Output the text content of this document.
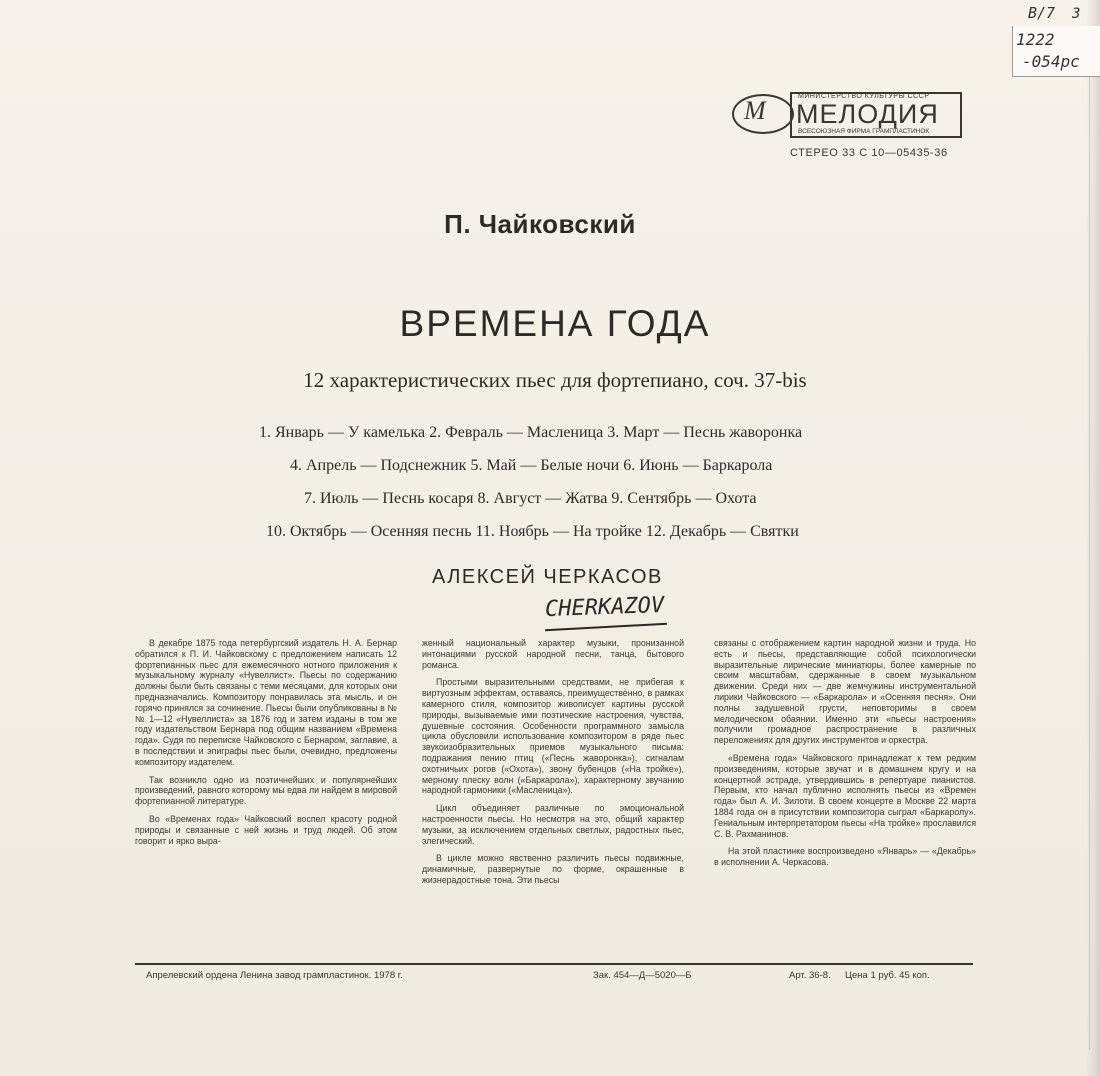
В/7 3
1222
-054рс
М	МИНИСТЕРСТВО КУЛЬТУРЫ СССР
МЕЛОДИЯ
ВСЕСОЮЗНАЯ ФИРМА ГРАМПЛАСТИНОК
СТЕРЕО 33 С 10—05435-36
П. Чайковский
ВРЕМЕНА ГОДА
12 характеристических пьес для фортепиано, соч. 37-bis
1. Январь — У камелька 2. Февраль — Масленица 3. Март — Песнь жаворонка
4. Апрель — Подснежник 5. Май — Белые ночи 6. Июнь — Баркарола
7. Июль — Песнь косаря 8. Август — Жатва 9. Сентябрь — Охота
10. Октябрь — Осенняя песнь 11. Ноябрь — На тройке 12. Декабрь — Святки
АЛЕКСЕЙ ЧЕРКАСОВ
CHERKAZOV

В декабре 1875 года петербургский издатель Н. А. Бернар обратился к П. И. Чайковскому с предложением написать 12 фортепианных пьес для ежемесячного нотного приложения к музыкальному журналу «Нувеллист». Пьесы по содержанию должны были быть связаны с теми месяцами, для которых они предназначались. Композитору понравилась эта мысль, и он горячо принялся за сочинение. Пьесы были опубликованы в №№ 1—12 «Нувеллиста» за 1876 год и затем изданы в том же году издательством Бернара под общим названием «Времена года». Судя по переписке Чайковского с Бернаром, заглавие, а в последствии и эпиграфы пьес были, очевидно, предложены композитору издателем.

Так возникло одно из поэтичнейших и популярнейших произведений, равного которому мы едва ли найдем в мировой фортепианной литературе.

Во «Временах года» Чайковский воспел красоту родной природы и связанные с ней жизнь и труд людей. Об этом говорит и ярко выра-

женный национальный характер музыки, пронизанной интонациями русской народной песни, танца, бытового романса.

Простыми выразительными средствами, не прибегая к виртуозным эффектам, оставаясь, преимущественно, в рамках камерного стиля, композитор живописует картины русской природы, вызываемые ими поэтические настроения, чувства, душевные состояния. Особенности программного замысла цикла обусловили использование композитором в ряде пьес звукоизобразительных приемов музыкального письма: подражания пению птиц («Песнь жаворонка»), сигналам охотничьих рогов («Охота»), звону бубенцов («На тройке»), мерному плеску волн («Баркарола»), характерному звучанию народной гармоники («Масленица»).

Цикл объединяет различные по эмоциональной настроенности пьесы. Но несмотря на это, общий характер музыки, за исключением отдельных светлых, радостных пьес, элегический.

В цикле можно явственно различить пьесы подвижные, динамичные, развернутые по форме, окрашенные в жизнерадостные тона. Эти пьесы

связаны с отображением картин народной жизни и труда. Но есть и пьесы, представляющие собой психологически выразительные лирические миниатюры, более камерные по своим масштабам, сдержанные в своем музыкальном движении. Среди них — две жемчужины инструментальной лирики Чайковского — «Баркарола» и «Осенняя песня». Они полны задушевной грусти, неповторимы в своем мелодическом обаянии. Именно эти «пьесы настроения» получили громадное распространение в различных переложениях для других инструментов и оркестра.

«Времена года» Чайковского принадлежат к тем редким произведениям, которые звучат и в домашнем кругу и на концертной эстраде, утвердившись в репертуаре пианистов. Первым, кто начал публично исполнять пьесы из «Времен года» был А. И. Зилоти. В своем концерте в Москве 22 марта 1884 года он в присутствии композитора сыграл «Баркаролу». Гениальным интерпретатором пьесы «На тройке» прославился С. В. Рахманинов.

На этой пластинке воспроизведено «Январь» — «Декабрь» в исполнении А. Черкасова.

Апрелевский ордена Ленина завод грампластинок. 1978 г.	Зак. 454—Д—5020—Б	Арт. 36-8. Цена 1 руб. 45 коп.
